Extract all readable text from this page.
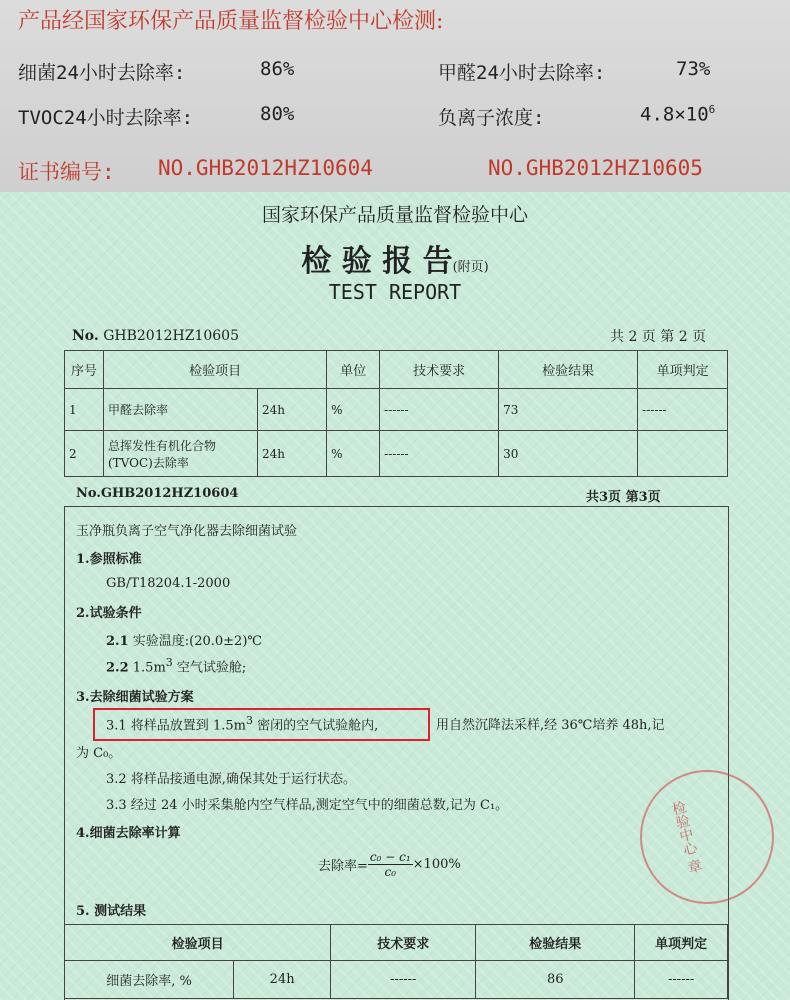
产品经国家环保产品质量监督检验中心检测:
细菌24小时去除率:	86%	甲醛24小时去除率:	73%
TVOC24小时去除率:	80%	负离子浓度:	$4.8\times 10^6$
证书编号: NO.GHB2012HZ10604	NO.GHB2012HZ10605
国家环保产品质量监督检验中心
检 验 报 告(附页)
TEST REPORT
No. GHB2012HZ10605	共 2 页 第 2 页
序号	检验项目		单位	技术要求	检验结果	单项判定
1	甲醛去除率	24h	%	------	73	------
2	总挥发性有机化合物(TVOC)去除率	24h	%	------	30	
No.GHB2012HZ10604	共3页 第3页
玉净瓶负离子空气净化器去除细菌试验
1.参照标准
GB/T18204.1-2000
2.试验条件
2.1 实验温度:(20.0±2)℃
2.2 $1.5m^3$ 空气试验舱;
3.去除细菌试验方案
3.1 将样品放置到 $1.5m^3$ 密闭的空气试验舱内,	用自然沉降法采样,经 36℃培养 48h,记
为 C₀。
3.2 将样品接通电源,确保其处于运行状态。
3.3 经过 24 小时采集舱内空气样品,测定空气中的细菌总数,记为 C₁。
4.细菌去除率计算
去除率= $\frac{\text{c₀ − c₁}}{\text{c₀}} \times 100\%$	检验中心 章
5. 测试结果
检验项目		技术要求	检验结果	单项判定
细菌去除率, %	24h	------	86	------
